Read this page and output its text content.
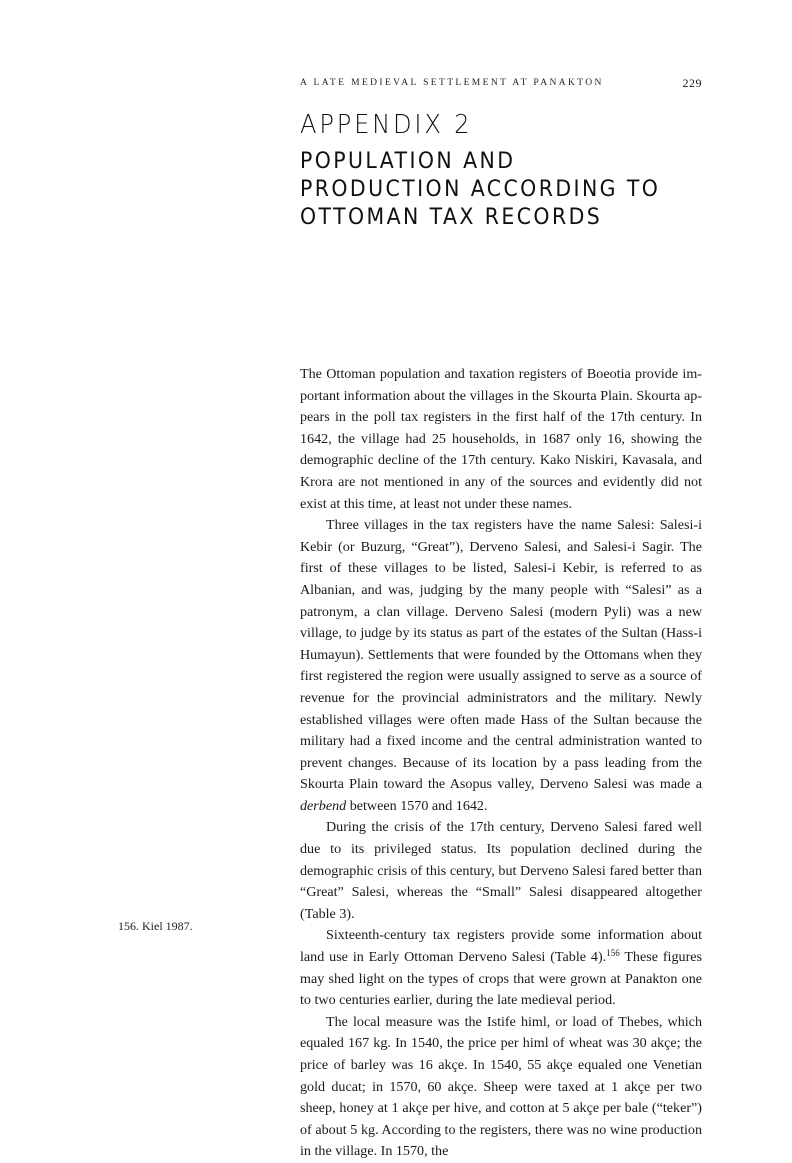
A LATE MEDIEVAL SETTLEMENT AT PANAKTON	229
APPENDIX 2
POPULATION AND
PRODUCTION ACCORDING TO
OTTOMAN TAX RECORDS

The Ottoman population and taxation registers of Boeotia provide important information about the villages in the Skourta Plain. Skourta appears in the poll tax registers in the first half of the 17th century. In 1642, the village had 25 households, in 1687 only 16, showing the demographic decline of the 17th century. Kako Niskiri, Kavasala, and Krora are not mentioned in any of the sources and evidently did not exist at this time, at least not under these names.

Three villages in the tax registers have the name Salesi: Salesi-i Kebir (or Buzurg, “Great”), Derveno Salesi, and Salesi-i Sagir. The first of these villages to be listed, Salesi-i Kebir, is referred to as Albanian, and was, judging by the many people with “Salesi” as a patronym, a clan village. Derveno Salesi (modern Pyli) was a new village, to judge by its status as part of the estates of the Sultan (Hass-i Humayun). Settlements that were founded by the Ottomans when they first registered the region were usually assigned to serve as a source of revenue for the provincial administrators and the military. Newly established villages were often made Hass of the Sultan because the military had a fixed income and the central administration wanted to prevent changes. Because of its location by a pass leading from the Skourta Plain toward the Asopus valley, Derveno Salesi was made a derbend between 1570 and 1642.

During the crisis of the 17th century, Derveno Salesi fared well due to its privileged status. Its population declined during the demographic crisis of this century, but Derveno Salesi fared better than “Great” Salesi, whereas the “Small” Salesi disappeared altogether (Table 3).

Sixteenth-century tax registers provide some information about land use in Early Ottoman Derveno Salesi (Table 4).$^{156}$ These figures may shed light on the types of crops that were grown at Panakton one to two centuries earlier, during the late medieval period.

The local measure was the Istife himl, or load of Thebes, which equaled 167 kg. In 1540, the price per himl of wheat was 30 akçe; the price of barley was 16 akçe. In 1540, 55 akçe equaled one Venetian gold ducat; in 1570, 60 akçe. Sheep were taxed at 1 akçe per two sheep, honey at 1 akçe per hive, and cotton at 5 akçe per bale (“teker”) of about 5 kg. According to the registers, there was no wine production in the village. In 1570, the

156. Kiel 1987.
